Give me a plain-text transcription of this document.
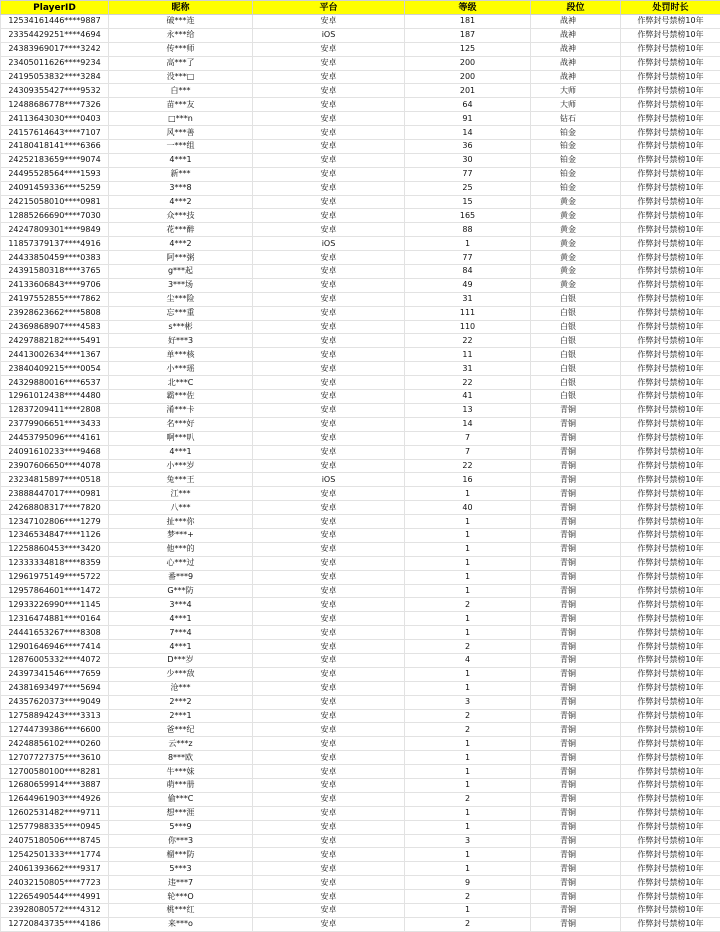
PlayerID	昵称	平台	等级	段位	处罚时长
12534161446****9887	破***连	安卓	181	战神	作弊封号禁榜10年
23354429251****4694	永***给	iOS	187	战神	作弊封号禁榜10年
24383969017****3242	传***师	安卓	125	战神	作弊封号禁榜10年
23405011626****9234	高***了	安卓	200	战神	作弊封号禁榜10年
24195053832****3284	没***□	安卓	200	战神	作弊封号禁榜10年
24309355427****9532	白***	安卓	201	大师	作弊封号禁榜10年
12488686778****7326	苗***友	安卓	64	大师	作弊封号禁榜10年
24113643030****0403	□***n	安卓	91	钻石	作弊封号禁榜10年
24157614643****7107	风***善	安卓	14	铂金	作弊封号禁榜10年
24180418141****6366	一***组	安卓	36	铂金	作弊封号禁榜10年
24252183659****9074	4***1	安卓	30	铂金	作弊封号禁榜10年
24495528564****1593	新***	安卓	77	铂金	作弊封号禁榜10年
24091459336****5259	3***8	安卓	25	铂金	作弊封号禁榜10年
24215058010****0981	4***2	安卓	15	黄金	作弊封号禁榜10年
12885266690****7030	众***技	安卓	165	黄金	作弊封号禁榜10年
24247809301****9849	花***醉	安卓	88	黄金	作弊封号禁榜10年
11857379137****4916	4***2	iOS	1	黄金	作弊封号禁榜10年
24433850459****0383	阿***粥	安卓	77	黄金	作弊封号禁榜10年
24391580318****3765	g***起	安卓	84	黄金	作弊封号禁榜10年
24133606843****9706	3***场	安卓	49	黄金	作弊封号禁榜10年
24197552855****7862	尘***险	安卓	31	白银	作弊封号禁榜10年
23928623662****5808	忘***重	安卓	111	白银	作弊封号禁榜10年
24369868907****4583	s***彬	安卓	110	白银	作弊封号禁榜10年
24297882182****5491	好***3	安卓	22	白银	作弊封号禁榜10年
24413002634****1367	单***核	安卓	11	白银	作弊封号禁榜10年
23840409215****0054	小***瑶	安卓	31	白银	作弊封号禁榜10年
24329880016****6537	北***C	安卓	22	白银	作弊封号禁榜10年
12961012438****4480	霸***佐	安卓	41	白银	作弊封号禁榜10年
12837209411****2808	淆***卡	安卓	13	青铜	作弊封号禁榜10年
23779906651****3433	名***好	安卓	14	青铜	作弊封号禁榜10年
24453795096****4161	啊***叭	安卓	7	青铜	作弊封号禁榜10年
24091610233****9468	4***1	安卓	7	青铜	作弊封号禁榜10年
23907606650****4078	小***岁	安卓	22	青铜	作弊封号禁榜10年
23234815897****0518	兔***王	iOS	16	青铜	作弊封号禁榜10年
23888447017****0981	江***	安卓	1	青铜	作弊封号禁榜10年
24268808317****7820	八***	安卓	40	青铜	作弊封号禁榜10年
12347102806****1279	扯***你	安卓	1	青铜	作弊封号禁榜10年
12346534847****1126	梦***+	安卓	1	青铜	作弊封号禁榜10年
12258860453****3420	他***的	安卓	1	青铜	作弊封号禁榜10年
12333334818****8359	心***过	安卓	1	青铜	作弊封号禁榜10年
12961975149****5722	番***9	安卓	1	青铜	作弊封号禁榜10年
12957864601****1472	G***防	安卓	1	青铜	作弊封号禁榜10年
12933226990****1145	3***4	安卓	2	青铜	作弊封号禁榜10年
12316474881****0164	4***1	安卓	1	青铜	作弊封号禁榜10年
24441653267****8308	7***4	安卓	1	青铜	作弊封号禁榜10年
12901646946****7414	4***1	安卓	2	青铜	作弊封号禁榜10年
12876005332****4072	D***岁	安卓	4	青铜	作弊封号禁榜10年
24397341546****7659	少***敌	安卓	1	青铜	作弊封号禁榜10年
24381693497****5694	沧***	安卓	1	青铜	作弊封号禁榜10年
24357620373****9049	2***2	安卓	3	青铜	作弊封号禁榜10年
12758894243****3313	2***1	安卓	2	青铜	作弊封号禁榜10年
12744739386****6600	爸***纪	安卓	2	青铜	作弊封号禁榜10年
24248856102****0260	云***z	安卓	1	青铜	作弊封号禁榜10年
12707727375****3610	8***欧	安卓	1	青铜	作弊封号禁榜10年
12700580100****8281	牛***妹	安卓	1	青铜	作弊封号禁榜10年
12680659914****3887	萌***册	安卓	1	青铜	作弊封号禁榜10年
12644961903****4926	偷***C	安卓	2	青铜	作弊封号禁榜10年
12602531482****9711	想***涯	安卓	1	青铜	作弊封号禁榜10年
12577988335****0945	5***9	安卓	1	青铜	作弊封号禁榜10年
24075180506****8745	你***3	安卓	3	青铜	作弊封号禁榜10年
12542501333****1774	榴***防	安卓	1	青铜	作弊封号禁榜10年
24061393662****9317	5***3	安卓	1	青铜	作弊封号禁榜10年
24032150805****7723	违***7	安卓	9	青铜	作弊封号禁榜10年
12265490544****4991	轮***O	安卓	2	青铜	作弊封号禁榜10年
23928080572****4312	桃***红	安卓	1	青铜	作弊封号禁榜10年
12720843735****4186	来***o	安卓	2	青铜	作弊封号禁榜10年
